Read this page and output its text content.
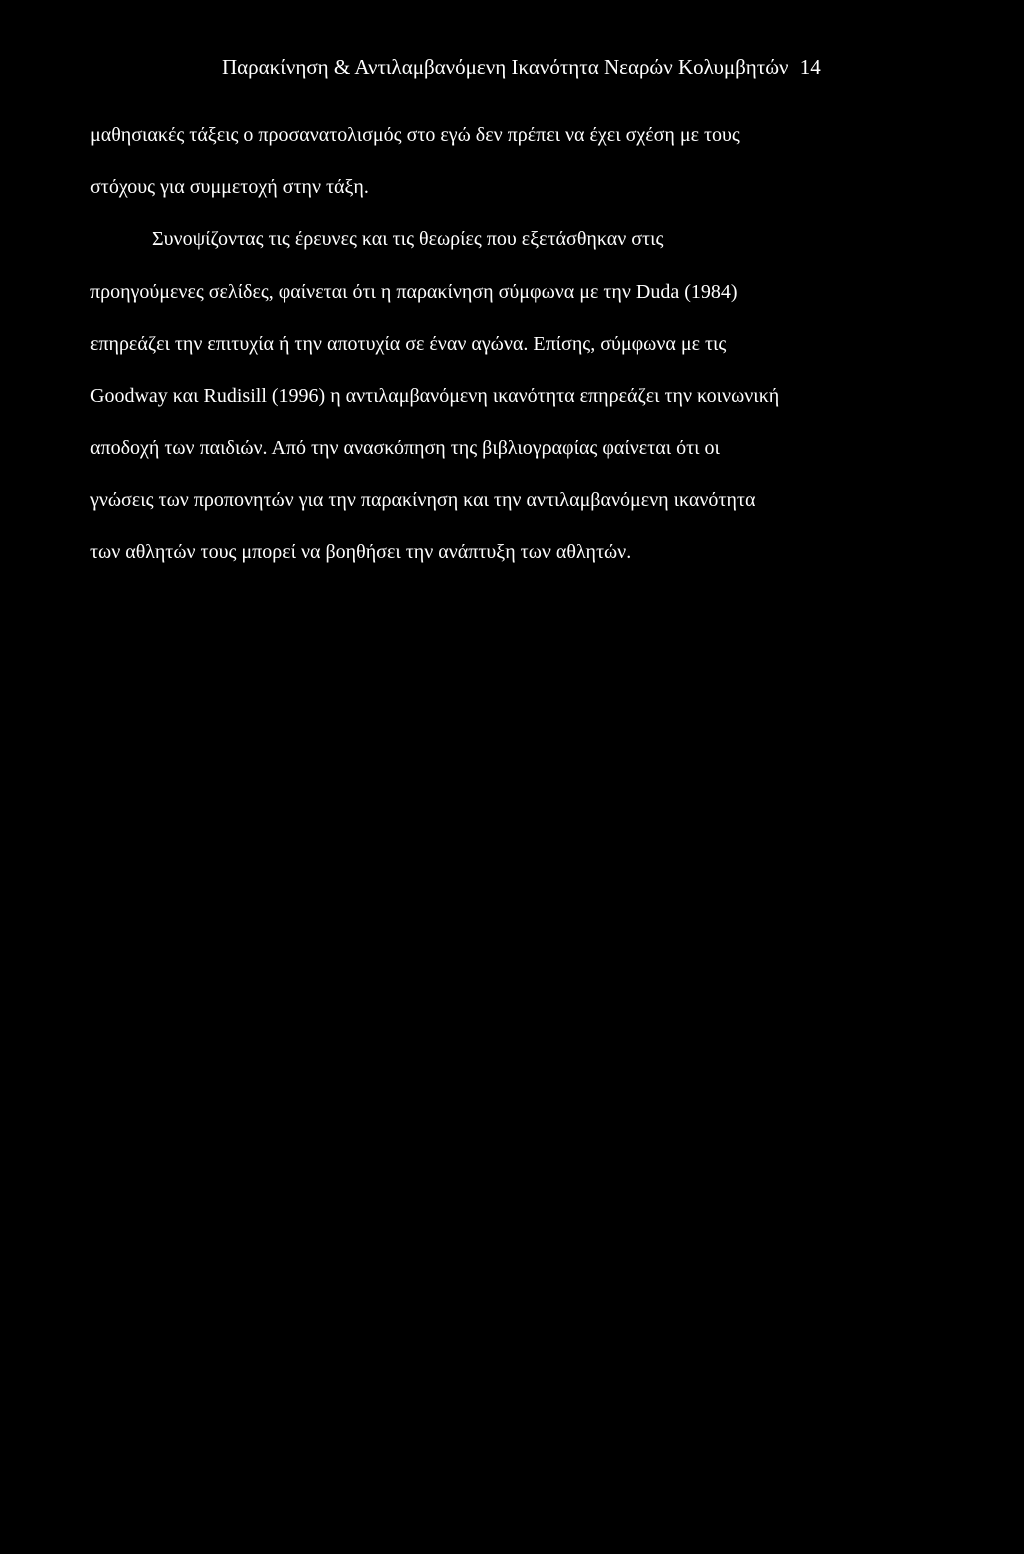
Παρακίνηση & Αντιλαμβανόμενη Ικανότητα Νεαρών Κολυμβητών 14
μαθησιακές τάξεις ο προσανατολισμός στο εγώ δεν πρέπει να έχει σχέση με τους
στόχους για συμμετοχή στην τάξη.
Συνοψίζοντας τις έρευνες και τις θεωρίες που εξετάσθηκαν στις
προηγούμενες σελίδες, φαίνεται ότι η παρακίνηση σύμφωνα με την Duda (1984)
επηρεάζει την επιτυχία ή την αποτυχία σε έναν αγώνα. Επίσης, σύμφωνα με τις
Goodway και Rudisill (1996) η αντιλαμβανόμενη ικανότητα επηρεάζει την κοινωνική
αποδοχή των παιδιών. Από την ανασκόπηση της βιβλιογραφίας φαίνεται ότι οι
γνώσεις των προπονητών για την παρακίνηση και την αντιλαμβανόμενη ικανότητα
των αθλητών τους μπορεί να βοηθήσει την ανάπτυξη των αθλητών.
